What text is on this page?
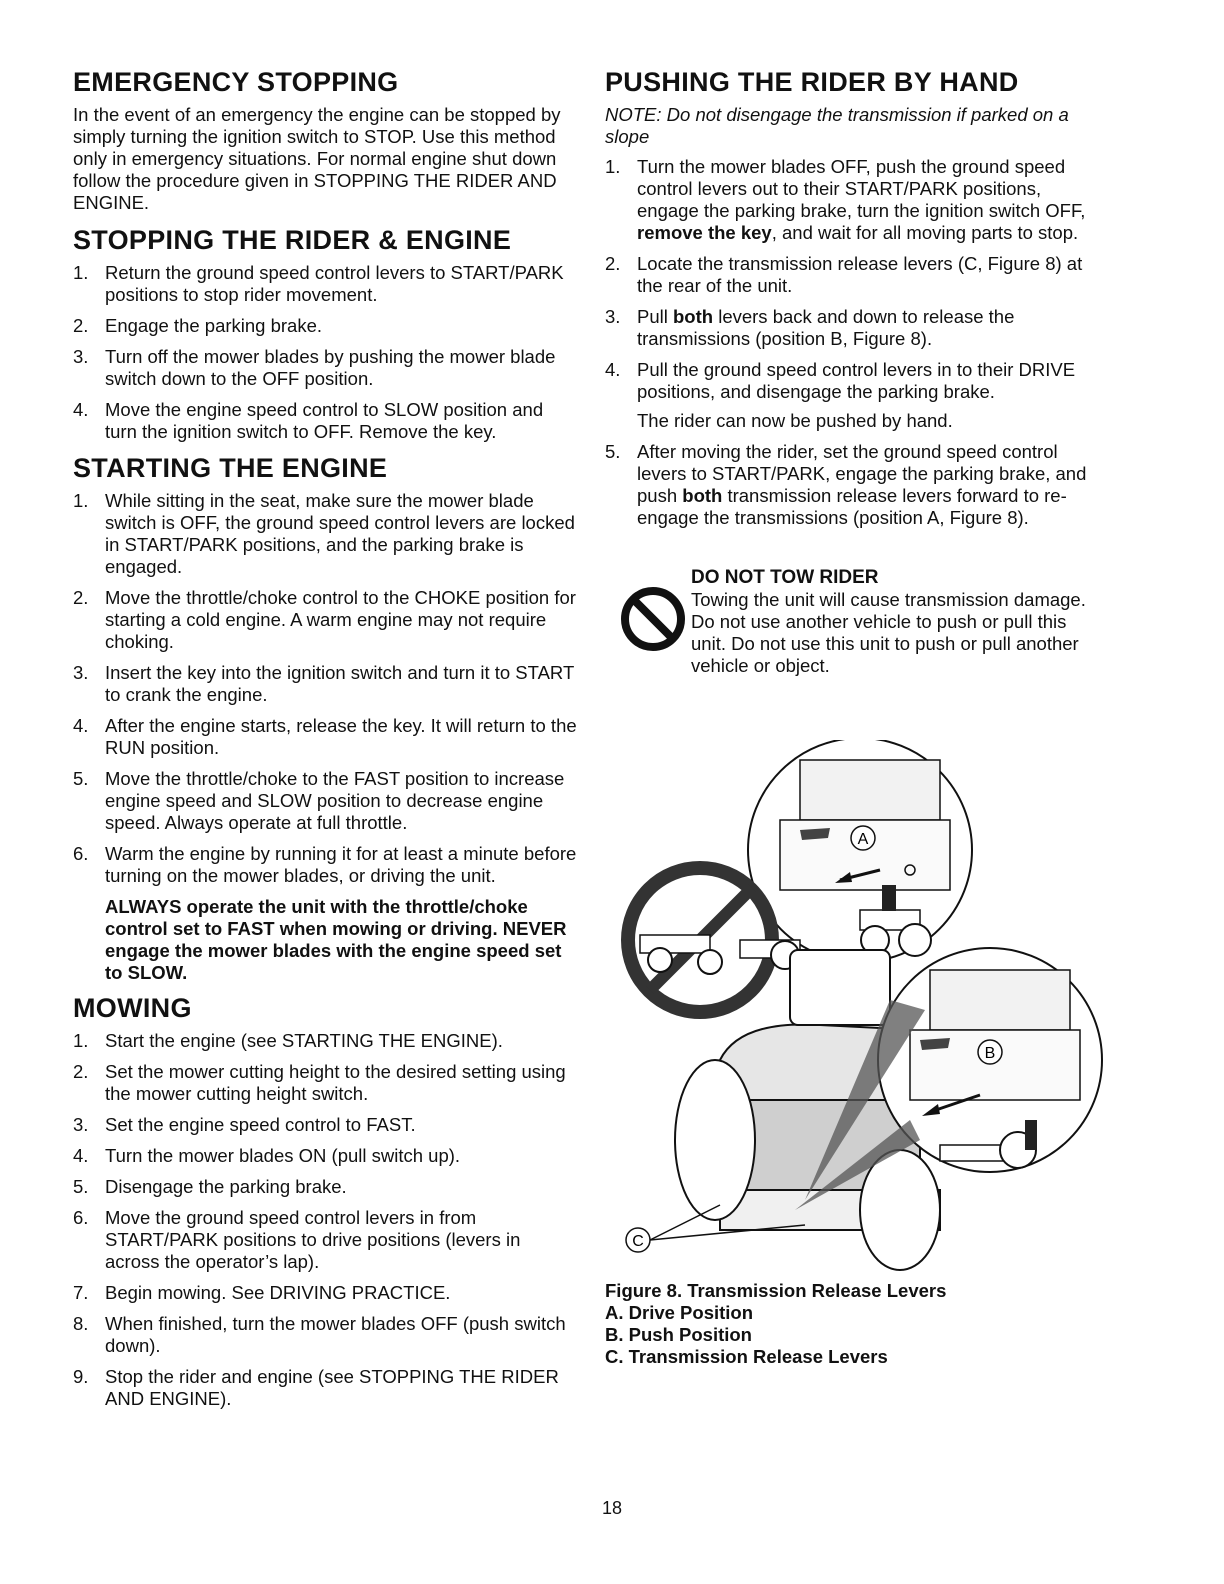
EMERGENCY STOPPING

In the event of an emergency the engine can be stopped by simply turning the ignition switch to STOP. Use this method only in emergency situations. For normal engine shut down follow the procedure given in STOPPING THE RIDER AND ENGINE.

STOPPING THE RIDER & ENGINE
1. Return the ground speed control levers to START/PARK positions to stop rider movement.
2. Engage the parking brake.
3. Turn off the mower blades by pushing the mower blade switch down to the OFF position.
4. Move the engine speed control to SLOW position and turn the ignition switch to OFF. Remove the key.
STARTING THE ENGINE
1. While sitting in the seat, make sure the mower blade switch is OFF, the ground speed control levers are locked in START/PARK positions, and the parking brake is engaged.
2. Move the throttle/choke control to the CHOKE position for starting a cold engine. A warm engine may not require choking.
3. Insert the key into the ignition switch and turn it to START to crank the engine.
4. After the engine starts, release the key. It will return to the RUN position.
5. Move the throttle/choke to the FAST position to increase engine speed and SLOW position to decrease engine speed. Always operate at full throttle.
6. Warm the engine by running it for at least a minute before turning on the mower blades, or driving the unit.
ALWAYS operate the unit with the throttle/choke control set to FAST when mowing or driving. NEVER engage the mower blades with the engine speed set to SLOW.
MOWING
1. Start the engine (see STARTING THE ENGINE).
2. Set the mower cutting height to the desired setting using the mower cutting height switch.
3. Set the engine speed control to FAST.
4. Turn the mower blades ON (pull switch up).
5. Disengage the parking brake.
6. Move the ground speed control levers in from START/PARK positions to drive positions (levers in across the operator’s lap).
7. Begin mowing. See DRIVING PRACTICE.
8. When finished, turn the mower blades OFF (push switch down).
9. Stop the rider and engine (see STOPPING THE RIDER AND ENGINE).
PUSHING THE RIDER BY HAND

NOTE: Do not disengage the transmission if parked on a slope

1. Turn the mower blades OFF, push the ground speed control levers out to their START/PARK positions, engage the parking brake, turn the ignition switch OFF, remove the key, and wait for all moving parts to stop.
2. Locate the transmission release levers (C, Figure 8) at the rear of the unit.
3. Pull both levers back and down to release the transmissions (position B, Figure 8).
4. Pull the ground speed control levers in to their DRIVE positions, and disengage the parking brake.
The rider can now be pushed by hand.
5. After moving the rider, set the ground speed control levers to START/PARK, engage the parking brake, and push both transmission release levers forward to re-engage the transmissions (position A, Figure 8).
DO NOT TOW RIDER
Towing the unit will cause transmission damage. Do not use another vehicle to push or pull this unit. Do not use this unit to push or pull another vehicle or object.
A
B
C
Figure 8. Transmission Release Levers
A. Drive Position
B. Push Position
C. Transmission Release Levers
18
